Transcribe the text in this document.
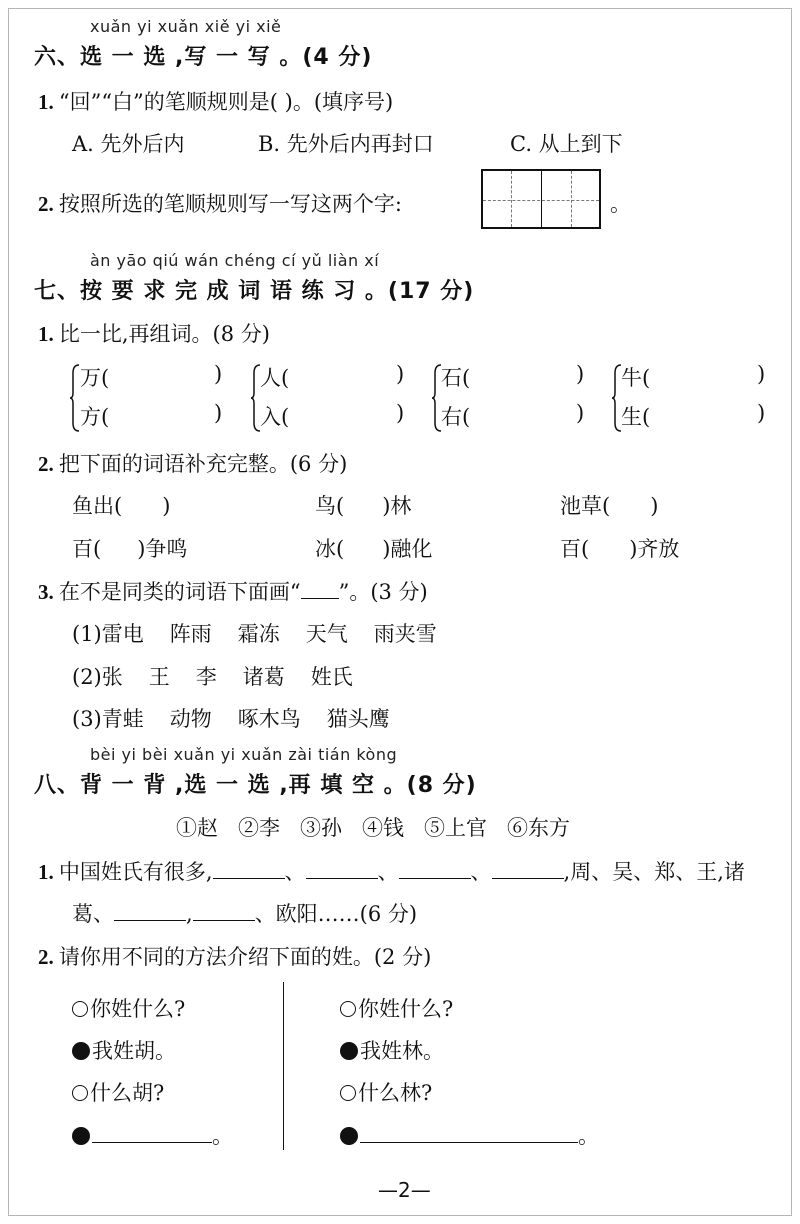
xuǎn yi xuǎn xiě yi xiě
六、选 一 选 ,写 一 写 。(4 分)
1. “回”“白”的笔顺规则是( )。(填序号)
A. 先外后内	B. 先外后内再封口	C. 从上到下
2. 按照所选的笔顺规则写一写这两个字:	。
àn yāo qiú wán chéng cí yǔ liàn xí
七、按 要 求 完 成 词 语 练 习 。(17 分)
1. 比一比,再组词。(8 分)
万(	)
方(	)
人(	)
入(	)
石(	)
右(	)
牛(	)
生(	)
2. 把下面的词语补充完整。(6 分)
鱼出( )	鸟( )林	池草( )
百( )争鸣	冰( )融化	百( )齐放
3. 在不是同类的词语下面画“ ”。(3 分)
(1)雷电 阵雨 霜冻 天气 雨夹雪
(2)张 王 李 诸葛 姓氏
(3)青蛙 动物 啄木鸟 猫头鹰
bèi yi bèi xuǎn yi xuǎn zài tián kòng
八、背 一 背 ,选 一 选 ,再 填 空 。(8 分)
①赵 ②李 ③孙 ④钱 ⑤上官 ⑥东方
1. 中国姓氏有很多,	、	、	、	,周、吴、郑、王,诸
葛、	,	、欧阳……(6 分)
2. 请你用不同的方法介绍下面的姓。(2 分)
你姓什么?
我姓胡。
什么胡?
。
你姓什么?
我姓林。
什么林?
。
—2—
